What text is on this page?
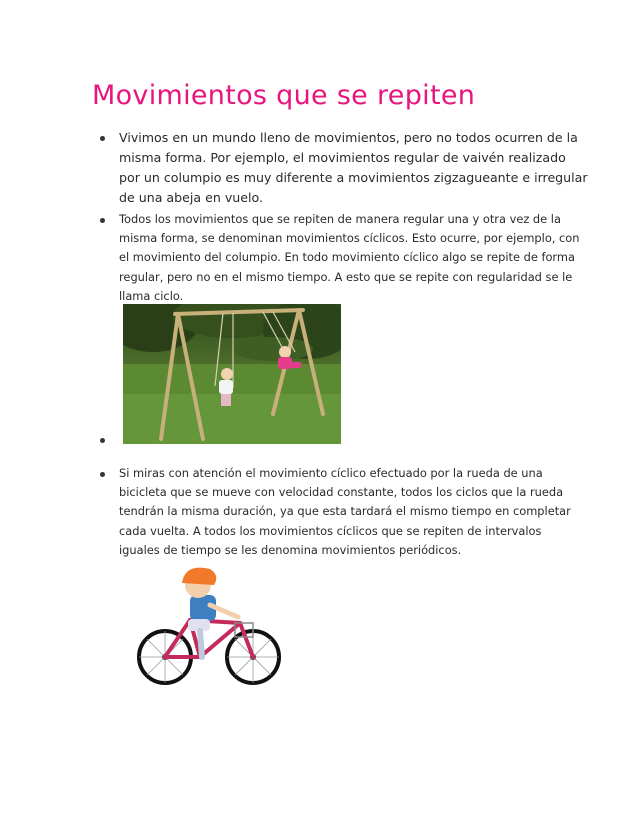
Movimientos que se repiten
Vivimos en un mundo lleno de movimientos, pero no todos ocurren de la
misma forma. Por ejemplo, el movimientos regular de vaivén realizado
por un columpio es muy diferente a movimientos zigzagueante e irregular
de una abeja en vuelo.
Todos los movimientos que se repiten de manera regular una y otra vez de la
misma forma, se denominan movimientos cíclicos. Esto ocurre, por ejemplo, con
el movimiento del columpio. En todo movimiento cíclico algo se repite de forma
regular, pero no en el mismo tiempo. A esto que se repite con regularidad se le
llama ciclo.
Si miras con atención el movimiento cíclico efectuado por la rueda de una
bicicleta que se mueve con velocidad constante, todos los ciclos que la rueda
tendrán la misma duración, ya que esta tardará el mismo tiempo en completar
cada vuelta. A todos los movimientos cíclicos que se repiten de intervalos
iguales de tiempo se les denomina movimientos periódicos.
